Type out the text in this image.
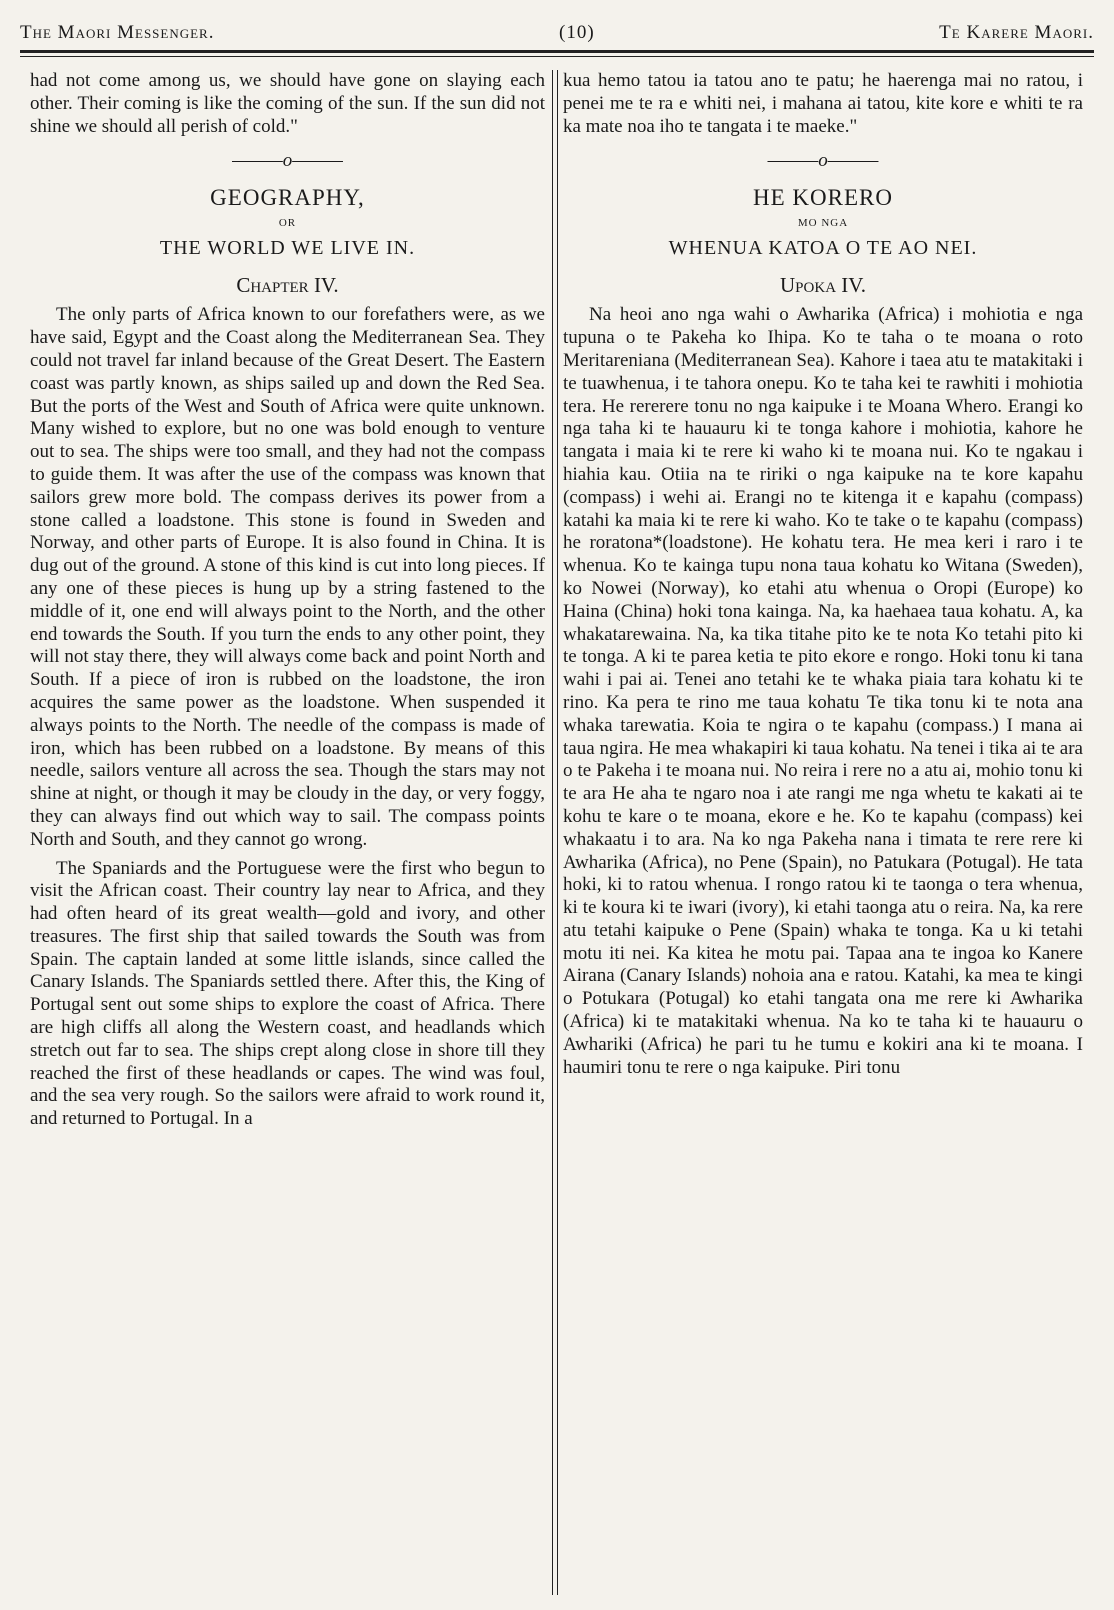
The Maori Messenger.	(10)	Te Karere Maori.

had not come among us, we should have gone on slaying each other. Their coming is like the coming of the sun. If the sun did not shine we should all perish of cold."

———o———
GEOGRAPHY,
OR
THE WORLD WE LIVE IN.
Chapter IV.

The only parts of Africa known to our forefathers were, as we have said, Egypt and the Coast along the Mediterranean Sea. They could not travel far inland because of the Great Desert. The Eastern coast was partly known, as ships sailed up and down the Red Sea. But the ports of the West and South of Africa were quite unknown. Many wished to explore, but no one was bold enough to venture out to sea. The ships were too small, and they had not the compass to guide them. It was after the use of the compass was known that sailors grew more bold. The compass derives its power from a stone called a loadstone. This stone is found in Sweden and Norway, and other parts of Europe. It is also found in China. It is dug out of the ground. A stone of this kind is cut into long pieces. If any one of these pieces is hung up by a string fastened to the middle of it, one end will always point to the North, and the other end towards the South. If you turn the ends to any other point, they will not stay there, they will always come back and point North and South. If a piece of iron is rubbed on the loadstone, the iron acquires the same power as the loadstone. When suspended it always points to the North. The needle of the compass is made of iron, which has been rubbed on a loadstone. By means of this needle, sailors venture all across the sea. Though the stars may not shine at night, or though it may be cloudy in the day, or very foggy, they can always find out which way to sail. The compass points North and South, and they cannot go wrong.

The Spaniards and the Portuguese were the first who begun to visit the African coast. Their country lay near to Africa, and they had often heard of its great wealth—gold and ivory, and other treasures. The first ship that sailed towards the South was from Spain. The captain landed at some little islands, since called the Canary Islands. The Spaniards settled there. After this, the King of Portugal sent out some ships to explore the coast of Africa. There are high cliffs all along the Western coast, and headlands which stretch out far to sea. The ships crept along close in shore till they reached the first of these headlands or capes. The wind was foul, and the sea very rough. So the sailors were afraid to work round it, and returned to Portugal. In a

kua hemo tatou ia tatou ano te patu; he haerenga mai no ratou, i penei me te ra e whiti nei, i mahana ai tatou, kite kore e whiti te ra ka mate noa iho te tangata i te maeke."

———o———
HE KORERO
MO NGA
WHENUA KATOA O TE AO NEI.
Upoka IV.

Na heoi ano nga wahi o Awharika (Africa) i mohiotia e nga tupuna o te Pakeha ko Ihipa. Ko te taha o te moana o roto Meritareniana (Mediterranean Sea). Kahore i taea atu te matakitaki i te tuawhenua, i te tahora onepu. Ko te taha kei te rawhiti i mohiotia tera. He rererere tonu no nga kaipuke i te Moana Whero. Erangi ko nga taha ki te hauauru ki te tonga kahore i mohiotia, kahore he tangata i maia ki te rere ki waho ki te moana nui. Ko te ngakau i hiahia kau. Otiia na te ririki o nga kaipuke na te kore kapahu (compass) i wehi ai. Erangi no te kitenga it e kapahu (compass) katahi ka maia ki te rere ki waho. Ko te take o te kapahu (compass) he roratona*(loadstone). He kohatu tera. He mea keri i raro i te whenua. Ko te kainga tupu nona taua kohatu ko Witana (Sweden), ko Nowei (Norway), ko etahi atu whenua o Oropi (Europe) ko Haina (China) hoki tona kainga. Na, ka haehaea taua kohatu. A, ka whakatarewaina. Na, ka tika titahe pito ke te nota Ko tetahi pito ki te tonga. A ki te parea ketia te pito ekore e rongo. Hoki tonu ki tana wahi i pai ai. Tenei ano tetahi ke te whaka piaia tara kohatu ki te rino. Ka pera te rino me taua kohatu Te tika tonu ki te nota ana whaka tarewatia. Koia te ngira o te kapahu (compass.) I mana ai taua ngira. He mea whakapiri ki taua kohatu. Na tenei i tika ai te ara o te Pakeha i te moana nui. No reira i rere no a atu ai, mohio tonu ki te ara He aha te ngaro noa i ate rangi me nga whetu te kakati ai te kohu te kare o te moana, ekore e he. Ko te kapahu (compass) kei whakaatu i to ara. Na ko nga Pakeha nana i timata te rere rere ki Awharika (Africa), no Pene (Spain), no Patukara (Potugal). He tata hoki, ki to ratou whenua. I rongo ratou ki te taonga o tera whenua, ki te koura ki te iwari (ivory), ki etahi taonga atu o reira. Na, ka rere atu tetahi kaipuke o Pene (Spain) whaka te tonga. Ka u ki tetahi motu iti nei. Ka kitea he motu pai. Tapaa ana te ingoa ko Kanere Airana (Canary Islands) nohoia ana e ratou. Katahi, ka mea te kingi o Potukara (Potugal) ko etahi tangata ona me rere ki Awharika (Africa) ki te matakitaki whenua. Na ko te taha ki te hauauru o Awhariki (Africa) he pari tu he tumu e kokiri ana ki te moana. I haumiri tonu te rere o nga kaipuke. Piri tonu
